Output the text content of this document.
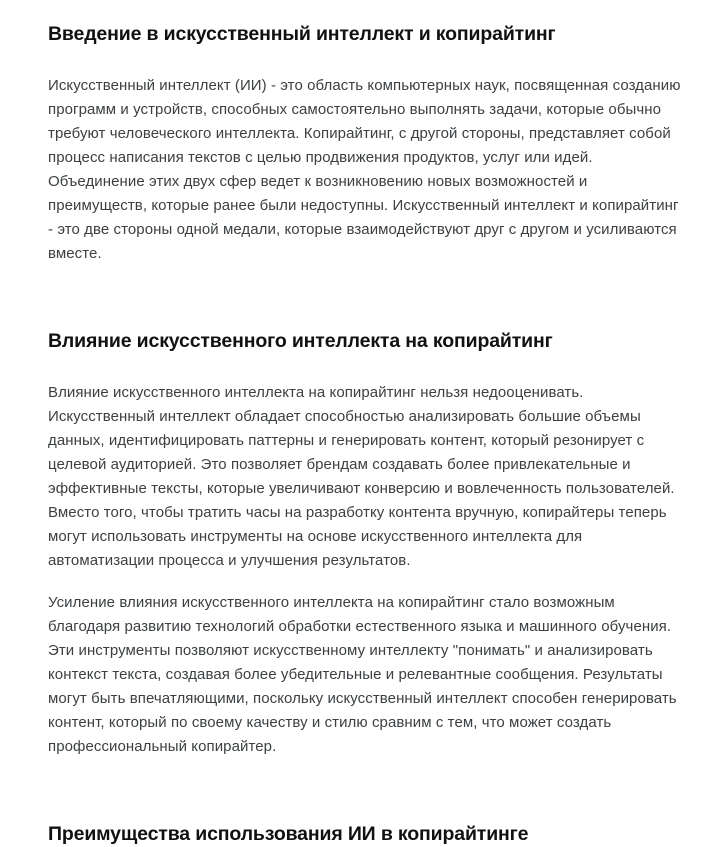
Введение в искусственный интеллект и копирайтинг

Искусственный интеллект (ИИ) - это область компьютерных наук, посвященная созданию программ и устройств, способных самостоятельно выполнять задачи, которые обычно требуют человеческого интеллекта. Копирайтинг, с другой стороны, представляет собой процесс написания текстов с целью продвижения продуктов, услуг или идей. Объединение этих двух сфер ведет к возникновению новых возможностей и преимуществ, которые ранее были недоступны. Искусственный интеллект и копирайтинг - это две стороны одной медали, которые взаимодействуют друг с другом и усиливаются вместе.

Влияние искусственного интеллекта на копирайтинг

Влияние искусственного интеллекта на копирайтинг нельзя недооценивать. Искусственный интеллект обладает способностью анализировать большие объемы данных, идентифицировать паттерны и генерировать контент, который резонирует с целевой аудиторией. Это позволяет брендам создавать более привлекательные и эффективные тексты, которые увеличивают конверсию и вовлеченность пользователей. Вместо того, чтобы тратить часы на разработку контента вручную, копирайтеры теперь могут использовать инструменты на основе искусственного интеллекта для автоматизации процесса и улучшения результатов.

Усиление влияния искусственного интеллекта на копирайтинг стало возможным благодаря развитию технологий обработки естественного языка и машинного обучения. Эти инструменты позволяют искусственному интеллекту "понимать" и анализировать контекст текста, создавая более убедительные и релевантные сообщения. Результаты могут быть впечатляющими, поскольку искусственный интеллект способен генерировать контент, который по своему качеству и стилю сравним с тем, что может создать профессиональный копирайтер.

Преимущества использования ИИ в копирайтинге
